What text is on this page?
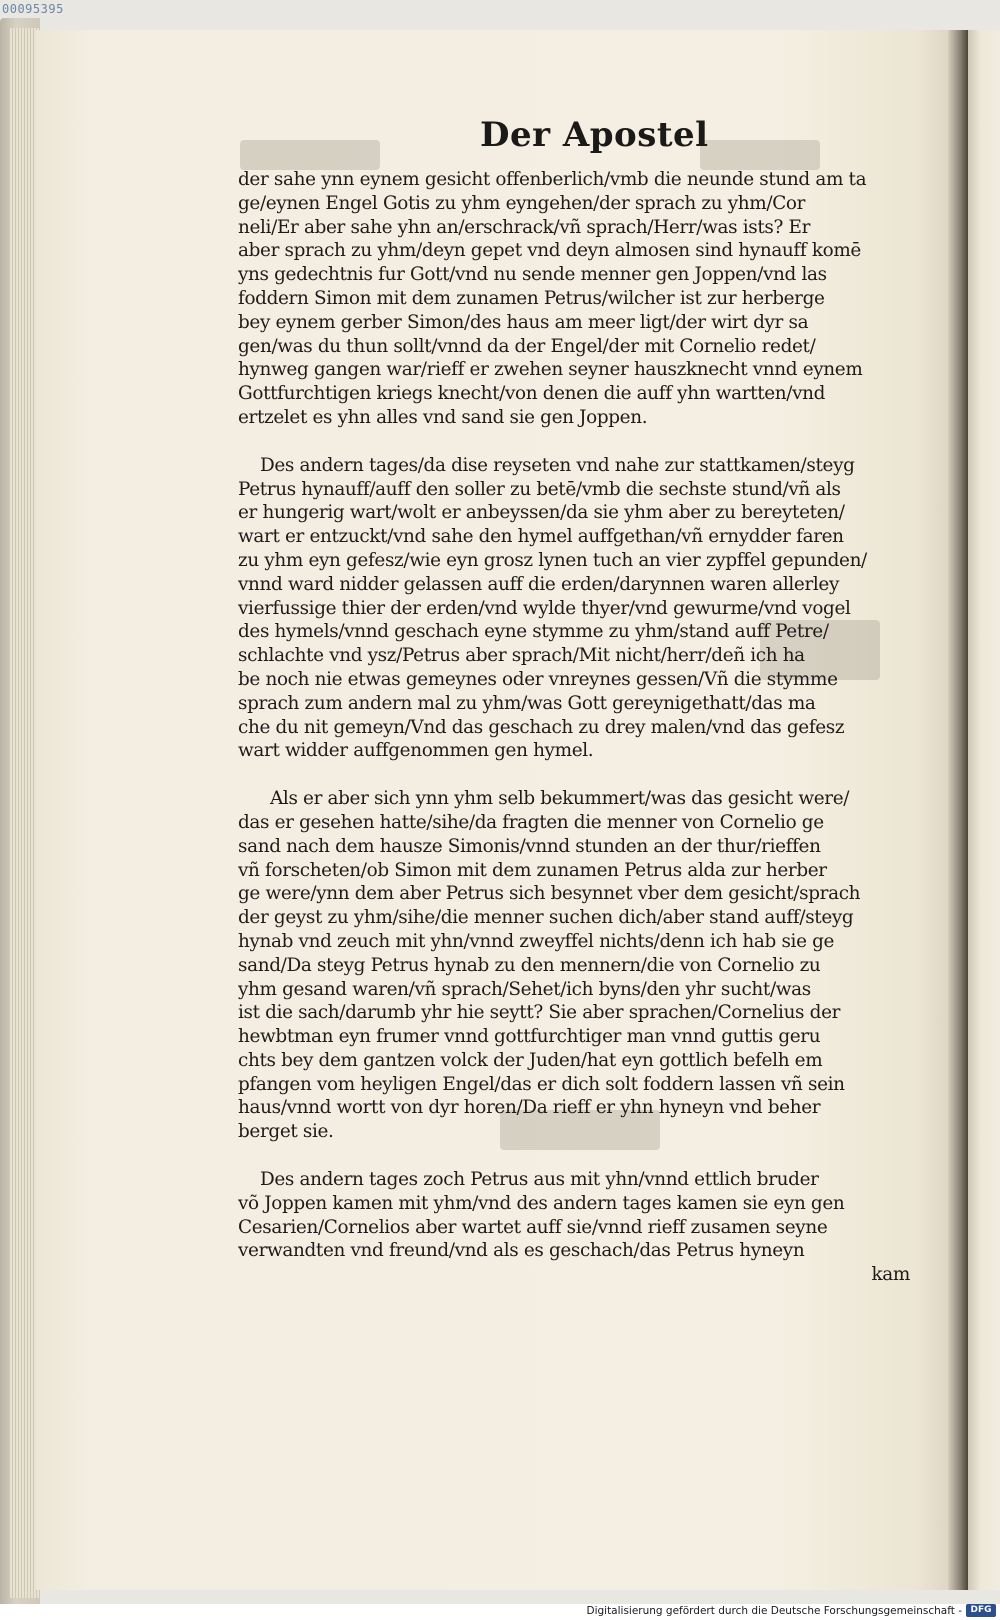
00095395
Der Apostel
der sahe ynn eynem gesicht offenberlich/vmb die neunde stund am ta
ge/eynen Engel Gotis zu yhm eyngehen/der sprach zu yhm/Cor
neli/Er aber sahe yhn an/erschrack/vñ sprach/Herr/was ists? Er
aber sprach zu yhm/deyn gepet vnd deyn almosen sind hynauff komē
yns gedechtnis fur Gott/vnd nu sende menner gen Joppen/vnd las
foddern Simon mit dem zunamen Petrus/wilcher ist zur herberge
bey eynem gerber Simon/des haus am meer ligt/der wirt dyr sa
gen/was du thun sollt/vnnd da der Engel/der mit Cornelio redet/
hynweg gangen war/rieff er zwehen seyner hauszknecht vnnd eynem
Gottfurchtigen kriegs knecht/von denen die auff yhn wartten/vnd
ertzelet es yhn alles vnd sand sie gen Joppen.
Des andern tages/da dise reyseten vnd nahe zur stattkamen/steyg
Petrus hynauff/auff den soller zu betē/vmb die sechste stund/vñ als
er hungerig wart/wolt er anbeyssen/da sie yhm aber zu bereyteten/
wart er entzuckt/vnd sahe den hymel auffgethan/vñ ernydder faren
zu yhm eyn gefesz/wie eyn grosz lynen tuch an vier zypffel gepunden/
vnnd ward nidder gelassen auff die erden/darynnen waren allerley
vierfussige thier der erden/vnd wylde thyer/vnd gewurme/vnd vogel
des hymels/vnnd geschach eyne stymme zu yhm/stand auff Petre/
schlachte vnd ysz/Petrus aber sprach/Mit nicht/herr/deñ ich ha
be noch nie etwas gemeynes oder vnreynes gessen/Vñ die stymme
sprach zum andern mal zu yhm/was Gott gereynigethatt/das ma
che du nit gemeyn/Vnd das geschach zu drey malen/vnd das gefesz
wart widder auffgenommen gen hymel.
Als er aber sich ynn yhm selb bekummert/was das gesicht were/
das er gesehen hatte/sihe/da fragten die menner von Cornelio ge
sand nach dem hausze Simonis/vnnd stunden an der thur/rieffen
vñ forscheten/ob Simon mit dem zunamen Petrus alda zur herber
ge were/ynn dem aber Petrus sich besynnet vber dem gesicht/sprach
der geyst zu yhm/sihe/die menner suchen dich/aber stand auff/steyg
hynab vnd zeuch mit yhn/vnnd zweyffel nichts/denn ich hab sie ge
sand/Da steyg Petrus hynab zu den mennern/die von Cornelio zu
yhm gesand waren/vñ sprach/Sehet/ich byns/den yhr sucht/was
ist die sach/darumb yhr hie seytt? Sie aber sprachen/Cornelius der
hewbtman eyn frumer vnnd gottfurchtiger man vnnd guttis geru
chts bey dem gantzen volck der Juden/hat eyn gottlich befelh em
pfangen vom heyligen Engel/das er dich solt foddern lassen vñ sein
haus/vnnd wortt von dyr horen/Da rieff er yhn hyneyn vnd beher
berget sie.
Des andern tages zoch Petrus aus mit yhn/vnnd ettlich bruder
võ Joppen kamen mit yhm/vnd des andern tages kamen sie eyn gen
Cesarien/Cornelios aber wartet auff sie/vnnd rieff zusamen seyne
verwandten vnd freund/vnd als es geschach/das Petrus hyneyn
kam
Digitalisierung gefördert durch die Deutsche Forschungsgemeinschaft - DFG
